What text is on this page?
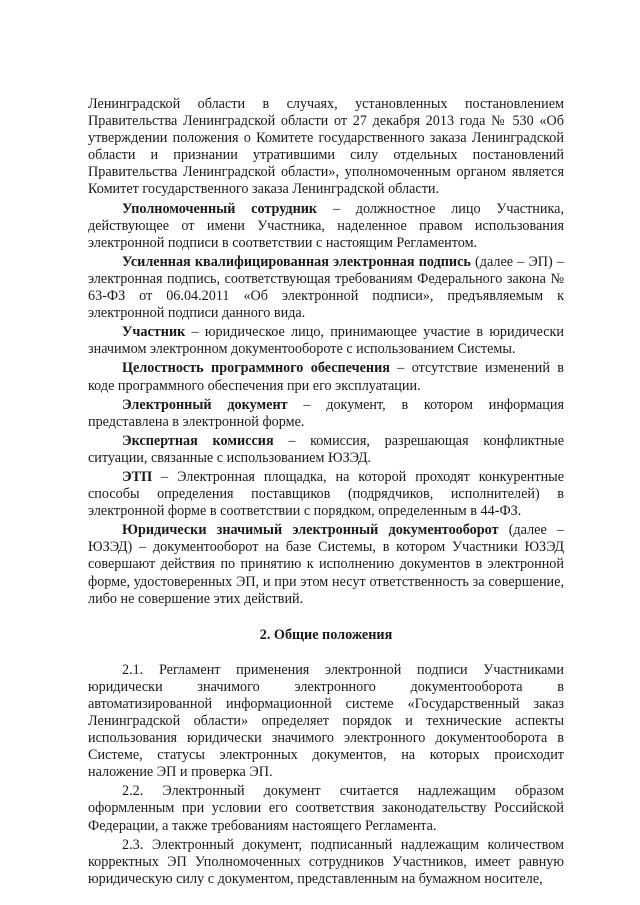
Ленинградской области в случаях, установленных постановлением Правительства Ленинградской области от 27 декабря 2013 года № 530 «Об утверждении положения о Комитете государственного заказа Ленинградской области и признании утратившими силу отдельных постановлений Правительства Ленинградской области», уполномоченным органом является Комитет государственного заказа Ленинградской области.

Уполномоченный сотрудник – должностное лицо Участника, действующее от имени Участника, наделенное правом использования электронной подписи в соответствии с настоящим Регламентом.

Усиленная квалифицированная электронная подпись (далее – ЭП) – электронная подпись, соответствующая требованиям Федерального закона № 63-ФЗ от 06.04.2011 «Об электронной подписи», предъявляемым к электронной подписи данного вида.

Участник – юридическое лицо, принимающее участие в юридически значимом электронном документообороте с использованием Системы.

Целостность программного обеспечения – отсутствие изменений в коде программного обеспечения при его эксплуатации.

Электронный документ – документ, в котором информация представлена в электронной форме.

Экспертная комиссия – комиссия, разрешающая конфликтные ситуации, связанные с использованием ЮЗЭД.

ЭТП – Электронная площадка, на которой проходят конкурентные способы определения поставщиков (подрядчиков, исполнителей) в электронной форме в соответствии с порядком, определенным в 44-ФЗ.

Юридически значимый электронный документооборот (далее – ЮЗЭД) – документооборот на базе Системы, в котором Участники ЮЗЭД совершают действия по принятию к исполнению документов в электронной форме, удостоверенных ЭП, и при этом несут ответственность за совершение, либо не совершение этих действий.

2. Общие положения

2.1. Регламент применения электронной подписи Участниками юридически значимого электронного документооборота в автоматизированной информационной системе «Государственный заказ Ленинградской области» определяет порядок и технические аспекты использования юридически значимого электронного документооборота в Системе, статусы электронных документов, на которых происходит наложение ЭП и проверка ЭП.

2.2. Электронный документ считается надлежащим образом оформленным при условии его соответствия законодательству Российской Федерации, а также требованиям настоящего Регламента.

2.3. Электронный документ, подписанный надлежащим количеством корректных ЭП Уполномоченных сотрудников Участников, имеет равную юридическую силу с документом, представленным на бумажном носителе,
